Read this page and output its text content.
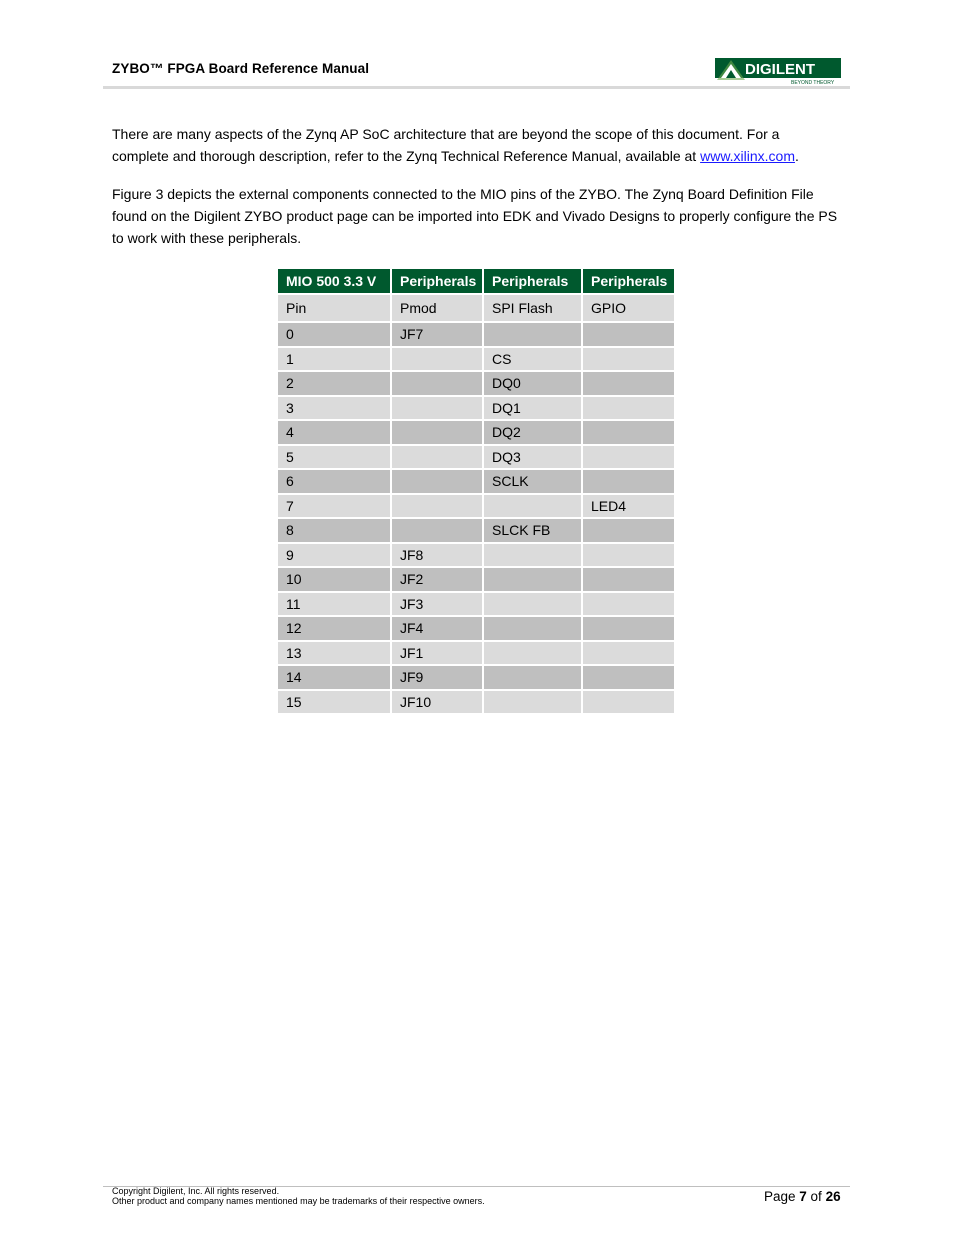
ZYBO™ FPGA Board Reference Manual	DIGILENT
BEYOND THEORY
There are many aspects of the Zynq AP SoC architecture that are beyond the scope of this document. For a complete and thorough description, refer to the Zynq Technical Reference Manual, available at www.xilinx.com.
Figure 3 depicts the external components connected to the MIO pins of the ZYBO. The Zynq Board Definition File found on the Digilent ZYBO product page can be imported into EDK and Vivado Designs to properly configure the PS to work with these peripherals.
MIO 500 3.3 V	Peripherals	Peripherals	Peripherals
Pin	Pmod	SPI Flash	GPIO
0	JF7		
1		CS	
2		DQ0	
3		DQ1	
4		DQ2	
5		DQ3	
6		SCLK	
7			LED4
8		SLCK FB	
9	JF8		
10	JF2		
11	JF3		
12	JF4		
13	JF1		
14	JF9		
15	JF10		
Copyright Digilent, Inc. All rights reserved.
Other product and company names mentioned may be trademarks of their respective owners.	Page 7 of 26
